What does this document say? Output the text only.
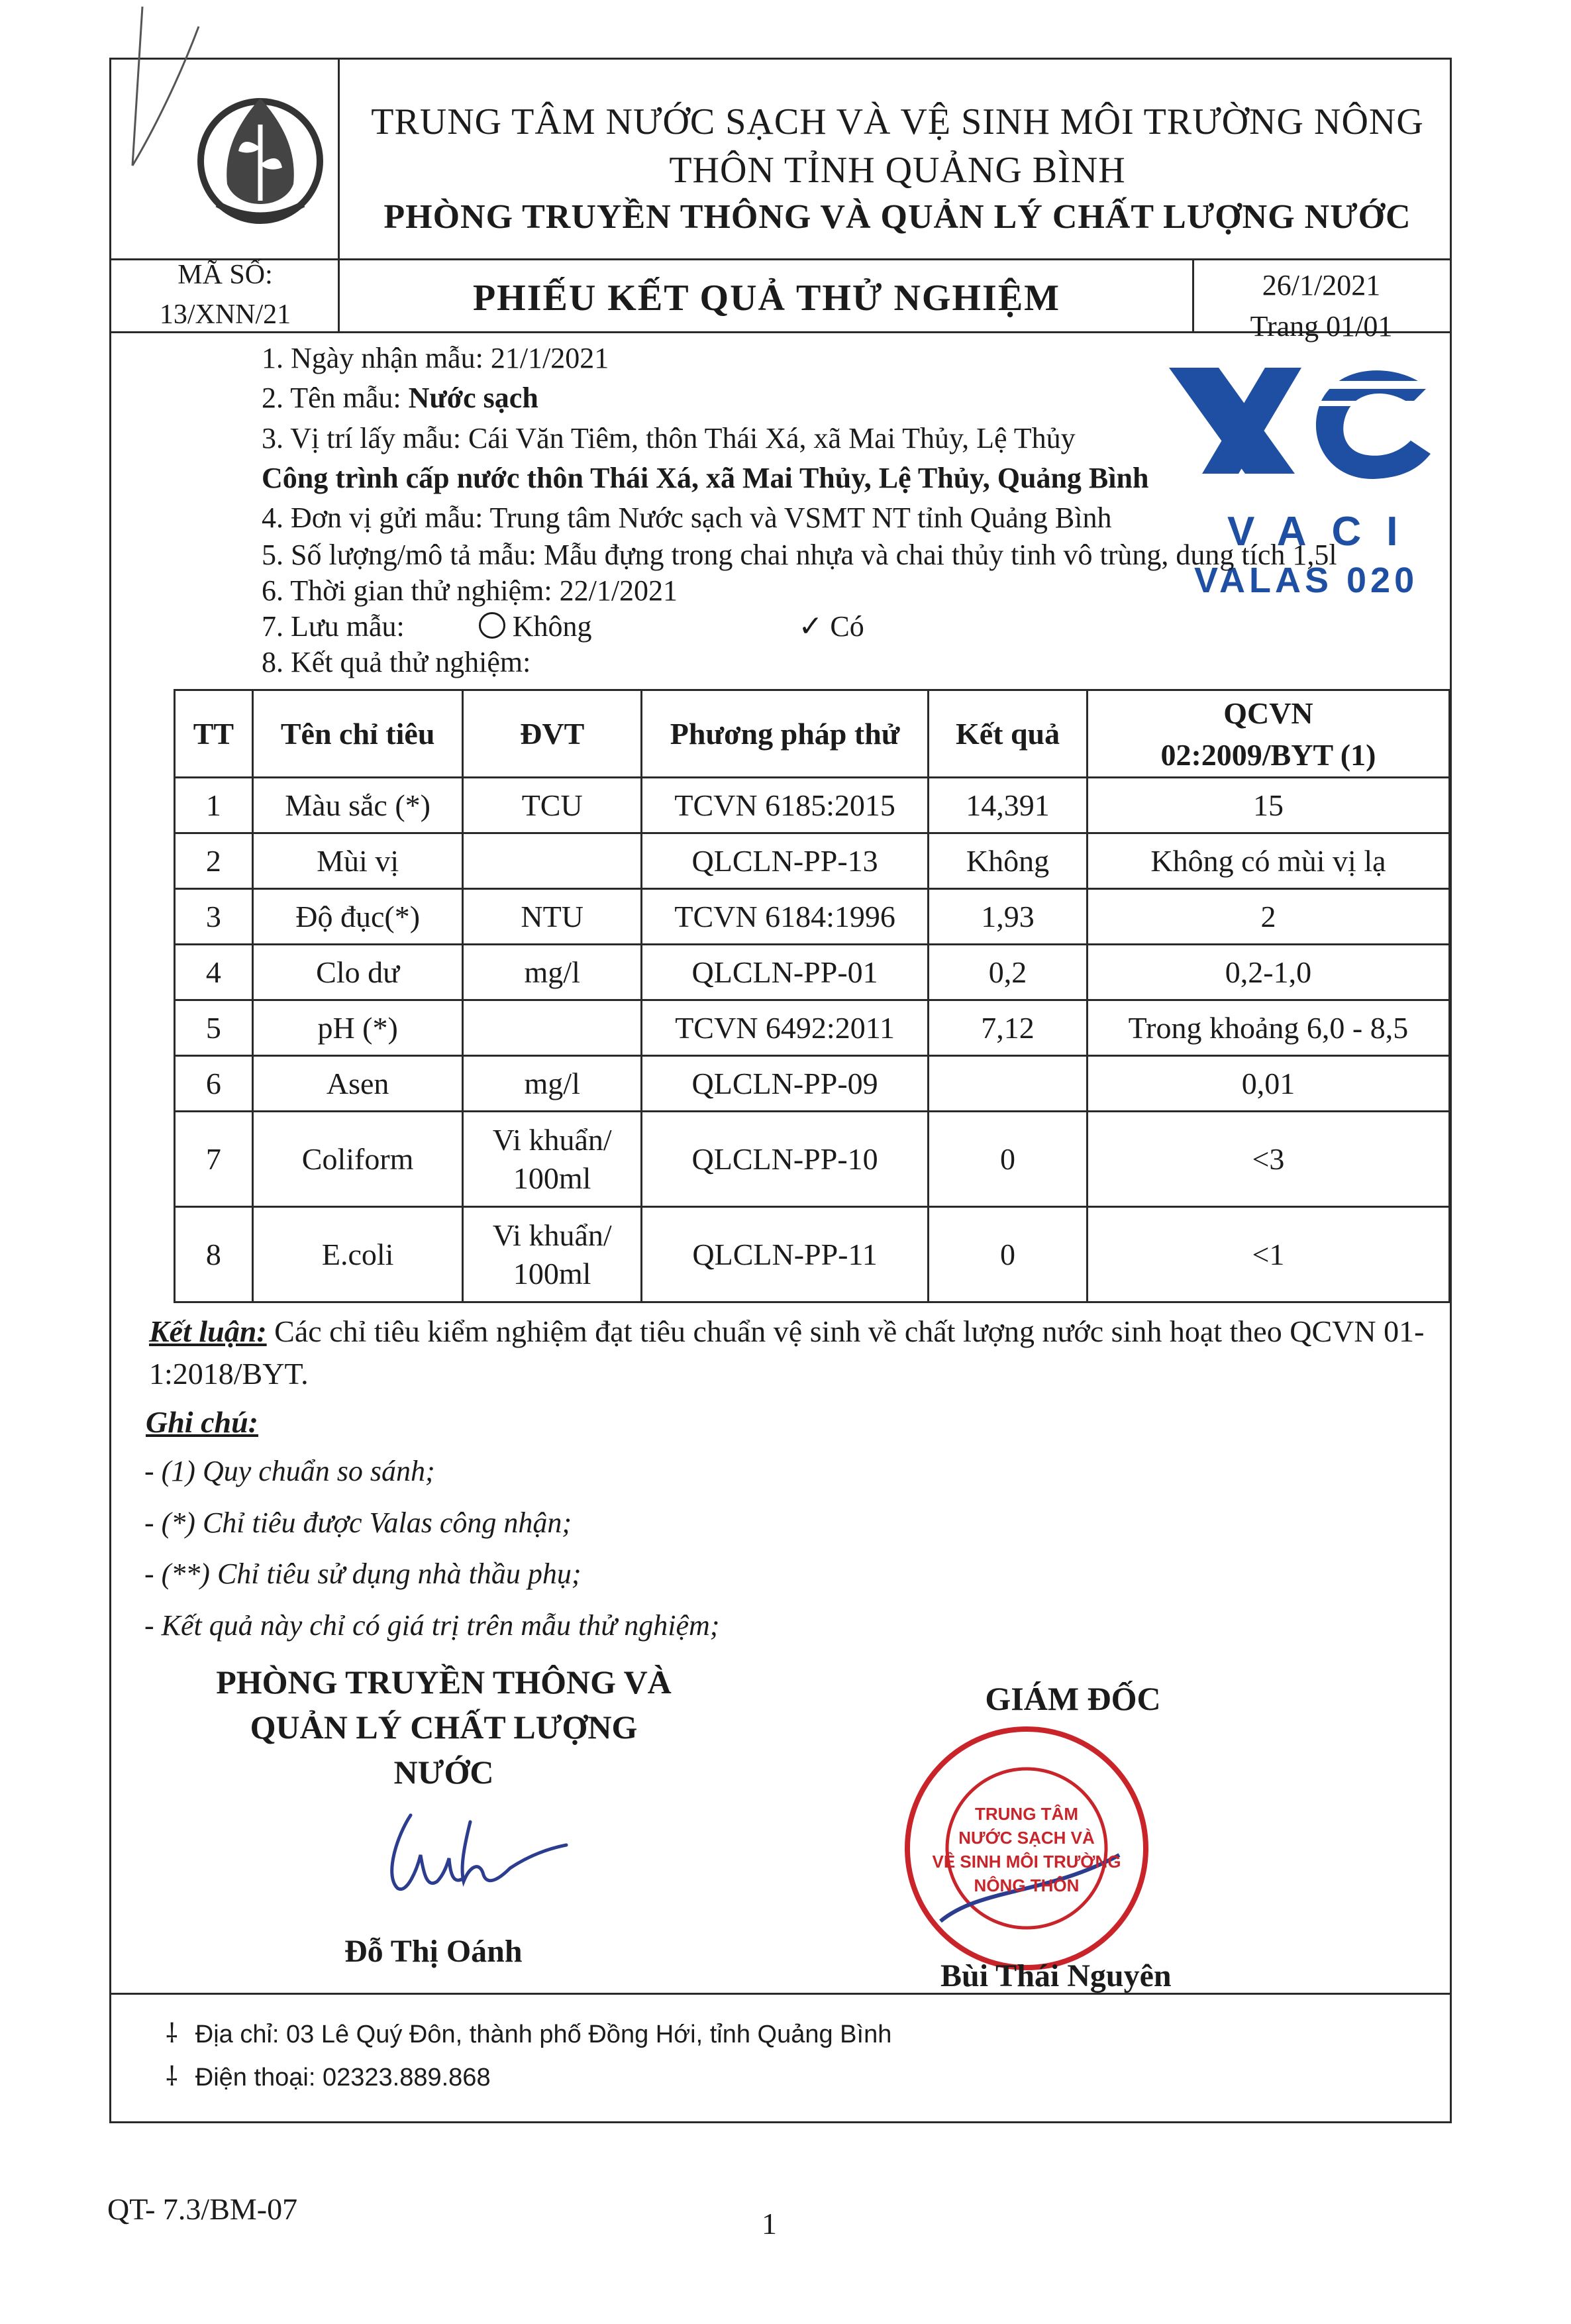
TRUNG TÂM NƯỚC SẠCH VÀ VỆ SINH MÔI TRƯỜNG NÔNG
THÔN TỈNH QUẢNG BÌNH
PHÒNG TRUYỀN THÔNG VÀ QUẢN LÝ CHẤT LƯỢNG NƯỚC
MÃ SỐ:
13/XNN/21	PHIẾU KẾT QUẢ THỬ NGHIỆM	26/1/2021
Trang 01/01
VACI
VALAS 020
1. Ngày nhận mẫu: 21/1/2021
2. Tên mẫu: Nước sạch
3. Vị trí lấy mẫu: Cái Văn Tiêm, thôn Thái Xá, xã Mai Thủy, Lệ Thủy
Công trình cấp nước thôn Thái Xá, xã Mai Thủy, Lệ Thủy, Quảng Bình
4. Đơn vị gửi mẫu: Trung tâm Nước sạch và VSMT NT tỉnh Quảng Bình
5. Số lượng/mô tả mẫu: Mẫu đựng trong chai nhựa và chai thủy tinh vô trùng, dung tích 1,5l
6. Thời gian thử nghiệm: 22/1/2021
7. Lưu mẫu:	Không	✓ Có
8. Kết quả thử nghiệm:
TT	Tên chỉ tiêu	ĐVT	Phương pháp thử	Kết quả	QCVN
02:2009/BYT (1)

1	Màu sắc (*)	TCU	TCVN 6185:2015	14,391	15
2	Mùi vị		QLCLN-PP-13	Không	Không có mùi vị lạ
3	Độ đục(*)	NTU	TCVN 6184:1996	1,93	2
4	Clo dư	mg/l	QLCLN-PP-01	0,2	0,2-1,0
5	pH (*)		TCVN 6492:2011	7,12	Trong khoảng 6,0 - 8,5
6	Asen	mg/l	QLCLN-PP-09		0,01
7	Coliform	Vi khuẩn/
100ml	QLCLN-PP-10	0	<3
8	E.coli	Vi khuẩn/
100ml	QLCLN-PP-11	0	<1
Kết luận: Các chỉ tiêu kiểm nghiệm đạt tiêu chuẩn vệ sinh về chất lượng nước sinh hoạt theo QCVN 01-1:2018/BYT.
Ghi chú:
- (1) Quy chuẩn so sánh;
- (*) Chỉ tiêu được Valas công nhận;
- (**) Chỉ tiêu sử dụng nhà thầu phụ;
- Kết quả này chỉ có giá trị trên mẫu thử nghiệm;
PHÒNG TRUYỀN THÔNG VÀ
QUẢN LÝ CHẤT LƯỢNG NƯỚC
Đỗ Thị Oánh
GIÁM ĐỐC
TRUNG TÂM
NƯỚC SẠCH VÀ
VỆ SINH MÔI TRƯỜNG
NÔNG THÔN
Bùi Thái Nguyên
⸸ Địa chỉ: 03 Lê Quý Đôn, thành phố Đồng Hới, tỉnh Quảng Bình
⸸ Điện thoại: 02323.889.868
QT- 7.3/BM-07	1
